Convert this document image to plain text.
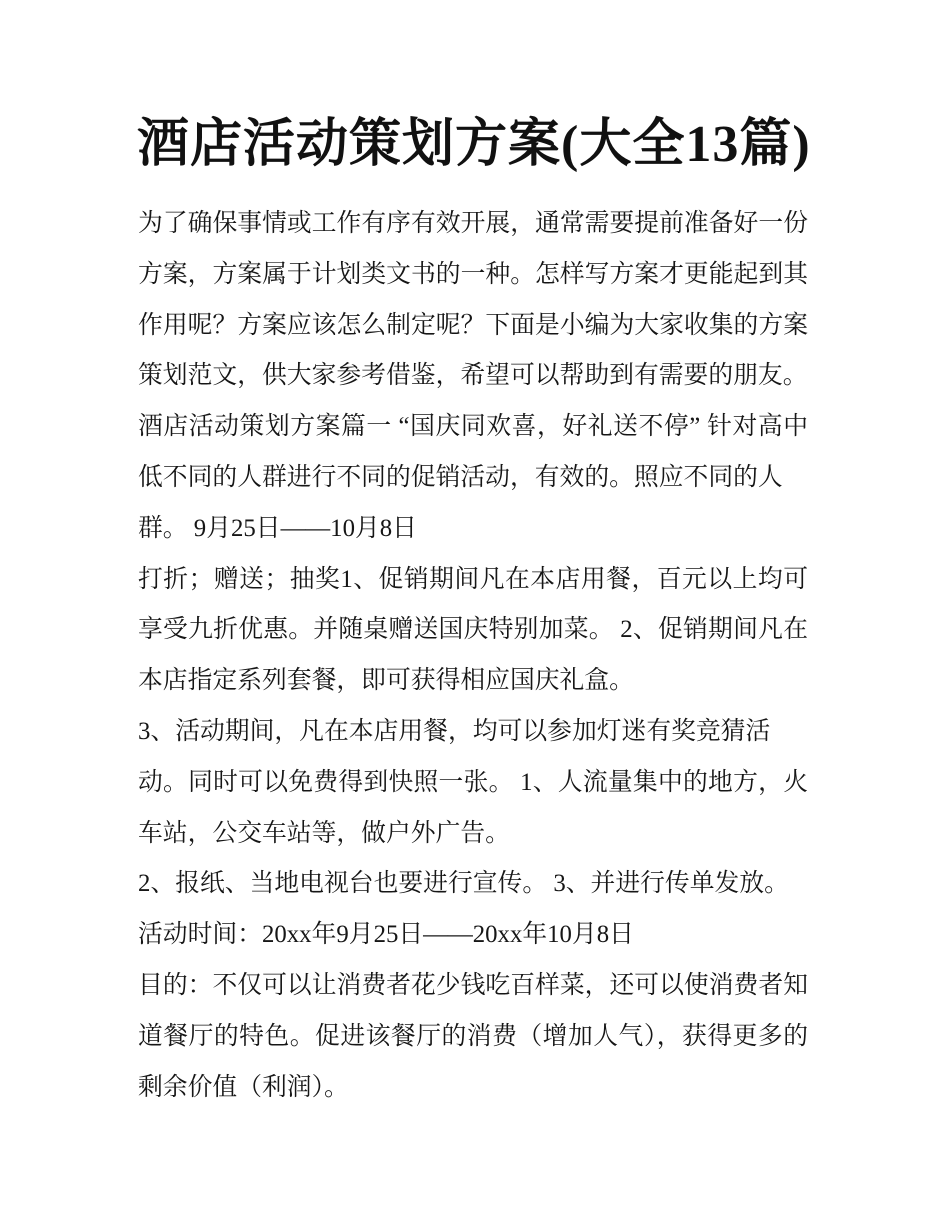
酒店活动策划方案(大全13篇)

为了确保事情或工作有序有效开展，通常需要提前准备好一份
方案，方案属于计划类文书的一种。怎样写方案才更能起到其
作用呢？方案应该怎么制定呢？下面是小编为大家收集的方案
策划范文，供大家参考借鉴，希望可以帮助到有需要的朋友。

酒店活动策划方案篇一 “国庆同欢喜，好礼送不停” 针对高中
低不同的人群进行不同的促销活动，有效的。照应不同的人
群。 9月25日——10月8日

打折；赠送；抽奖1、促销期间凡在本店用餐，百元以上均可
享受九折优惠。并随桌赠送国庆特别加菜。 2、促销期间凡在
本店指定系列套餐，即可获得相应国庆礼盒。

3、活动期间，凡在本店用餐，均可以参加灯迷有奖竞猜活
动。同时可以免费得到快照一张。 1、人流量集中的地方，火
车站，公交车站等，做户外广告。

2、报纸、当地电视台也要进行宣传。 3、并进行传单发放。

活动时间：20xx年9月25日——20xx年10月8日

目的：不仅可以让消费者花少钱吃百样菜，还可以使消费者知
道餐厅的特色。促进该餐厅的消费（增加人气），获得更多的
剩余价值（利润）。
